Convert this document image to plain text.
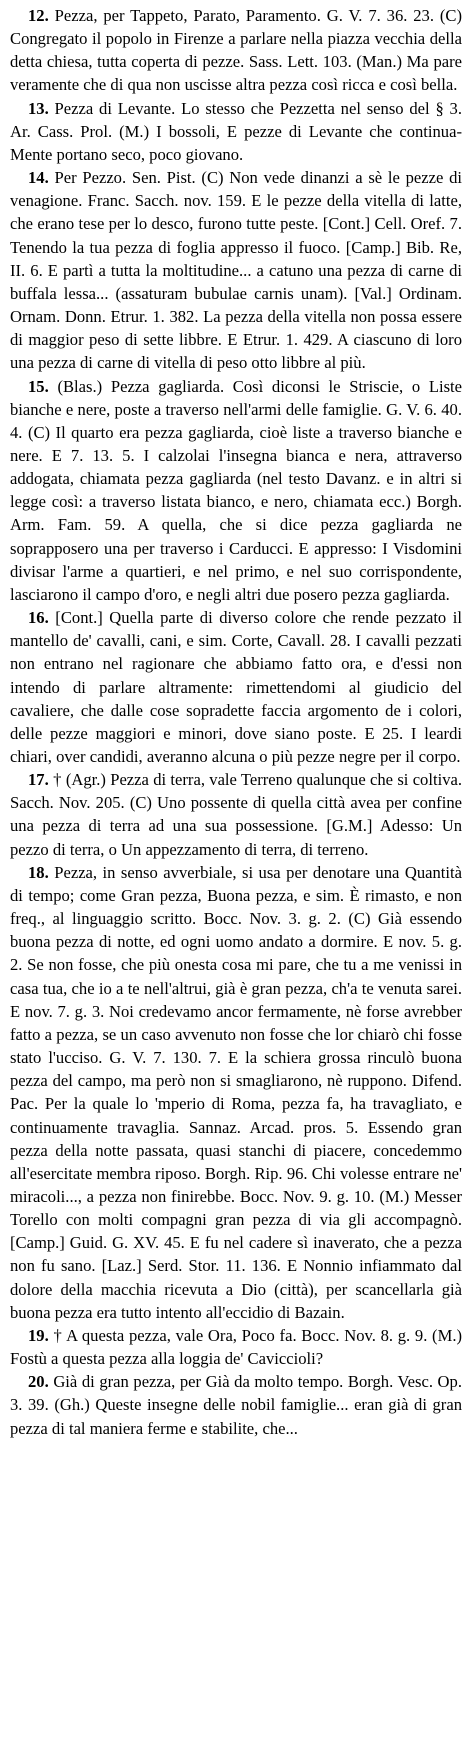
12. Pezza, per Tappeto, Parato, Paramento. G. V. 7. 36. 23. (C) Congregato il popolo in Firenze a parlare nella piazza vecchia della detta chiesa, tutta coperta di pezze. Sass. Lett. 103. (Man.) Ma pare veramente che di qua non uscisse altra pezza così ricca e così bella.

13. Pezza di Levante. Lo stesso che Pezzetta nel senso del § 3. Ar. Cass. Prol. (M.) I bossoli, E pezze di Levante che continua-Mente portano seco, poco giovano.

14. Per Pezzo. Sen. Pist. (C) Non vede dinanzi a sè le pezze di venagione. Franc. Sacch. nov. 159. E le pezze della vitella di latte, che erano tese per lo desco, furono tutte peste. [Cont.] Cell. Oref. 7. Tenendo la tua pezza di foglia appresso il fuoco. [Camp.] Bib. Re, II. 6. E partì a tutta la moltitudine... a catuno una pezza di carne di buffala lessa... (assaturam bubulae carnis unam). [Val.] Ordinam. Ornam. Donn. Etrur. 1. 382. La pezza della vitella non possa essere di maggior peso di sette libbre. E Etrur. 1. 429. A ciascuno di loro una pezza di carne di vitella di peso otto libbre al più.

15. (Blas.) Pezza gagliarda. Così diconsi le Striscie, o Liste bianche e nere, poste a traverso nell'armi delle famiglie. G. V. 6. 40. 4. (C) Il quarto era pezza gagliarda, cioè liste a traverso bianche e nere. E 7. 13. 5. I calzolai l'insegna bianca e nera, attraverso addogata, chiamata pezza gagliarda (nel testo Davanz. e in altri si legge così: a traverso listata bianco, e nero, chiamata ecc.) Borgh. Arm. Fam. 59. A quella, che si dice pezza gagliarda ne soprapposero una per traverso i Carducci. E appresso: I Visdomini divisar l'arme a quartieri, e nel primo, e nel suo corrispondente, lasciarono il campo d'oro, e negli altri due posero pezza gagliarda.

16. [Cont.] Quella parte di diverso colore che rende pezzato il mantello de' cavalli, cani, e sim. Corte, Cavall. 28. I cavalli pezzati non entrano nel ragionare che abbiamo fatto ora, e d'essi non intendo di parlare altramente: rimettendomi al giudicio del cavaliere, che dalle cose sopradette faccia argomento de i colori, delle pezze maggiori e minori, dove siano poste. E 25. I leardi chiari, over candidi, averanno alcuna o più pezze negre per il corpo.

17. † (Agr.) Pezza di terra, vale Terreno qualunque che si coltiva. Sacch. Nov. 205. (C) Uno possente di quella città avea per confine una pezza di terra ad una sua possessione. [G.M.] Adesso: Un pezzo di terra, o Un appezzamento di terra, di terreno.

18. Pezza, in senso avverbiale, si usa per denotare una Quantità di tempo; come Gran pezza, Buona pezza, e sim. È rimasto, e non freq., al linguaggio scritto. Bocc. Nov. 3. g. 2. (C) Già essendo buona pezza di notte, ed ogni uomo andato a dormire. E nov. 5. g. 2. Se non fosse, che più onesta cosa mi pare, che tu a me venissi in casa tua, che io a te nell'altrui, già è gran pezza, ch'a te venuta sarei. E nov. 7. g. 3. Noi credevamo ancor fermamente, nè forse avrebber fatto a pezza, se un caso avvenuto non fosse che lor chiarò chi fosse stato l'ucciso. G. V. 7. 130. 7. E la schiera grossa rinculò buona pezza del campo, ma però non si smagliarono, nè ruppono. Difend. Pac. Per la quale lo 'mperio di Roma, pezza fa, ha travagliato, e continuamente travaglia. Sannaz. Arcad. pros. 5. Essendo gran pezza della notte passata, quasi stanchi di piacere, concedemmo all'esercitate membra riposo. Borgh. Rip. 96. Chi volesse entrare ne' miracoli..., a pezza non finirebbe. Bocc. Nov. 9. g. 10. (M.) Messer Torello con molti compagni gran pezza di via gli accompagnò. [Camp.] Guid. G. XV. 45. E fu nel cadere sì inaverato, che a pezza non fu sano. [Laz.] Serd. Stor. 11. 136. E Nonnio infiammato dal dolore della macchia ricevuta a Dio (città), per scancellarla già buona pezza era tutto intento all'eccidio di Bazain.

19. † A questa pezza, vale Ora, Poco fa. Bocc. Nov. 8. g. 9. (M.) Fostù a questa pezza alla loggia de' Caviccioli?

20. Già di gran pezza, per Già da molto tempo. Borgh. Vesc. Op. 3. 39. (Gh.) Queste insegne delle nobil famiglie... eran già di gran pezza di tal maniera ferme e stabilite, che...
